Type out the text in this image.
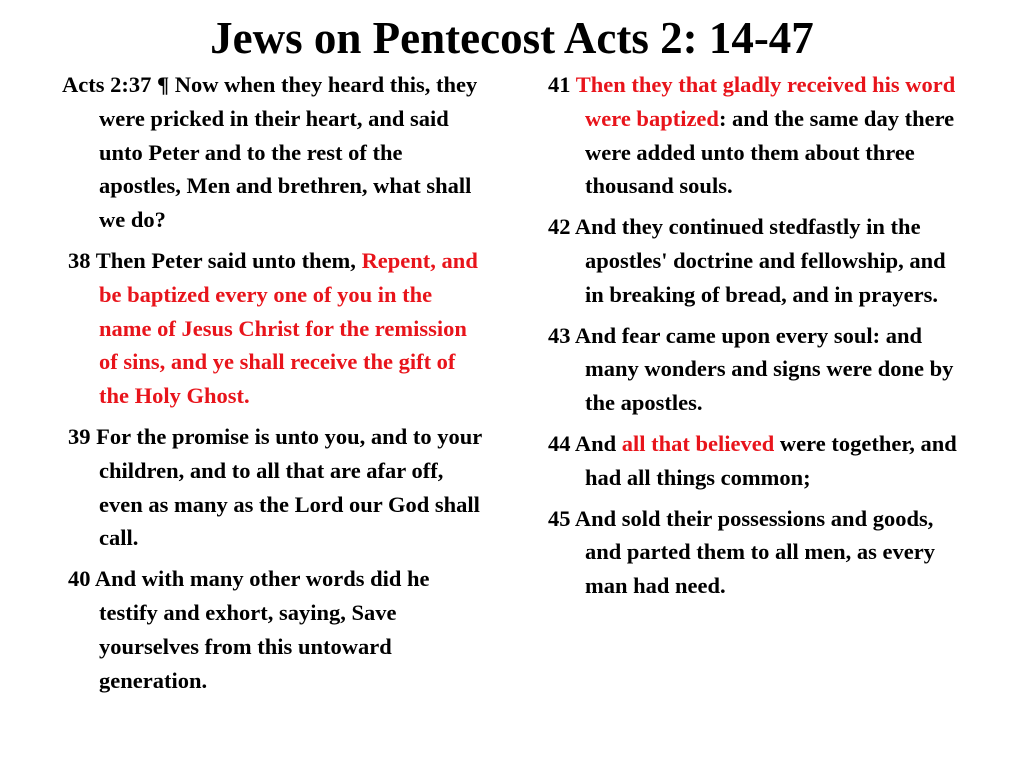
Jews on Pentecost Acts 2: 14-47

Acts 2:37 ¶ Now when they heard this, they were pricked in their heart, and said unto Peter and to the rest of the apostles, Men and brethren, what shall we do?

38 Then Peter said unto them, Repent, and be baptized every one of you in the name of Jesus Christ for the remission of sins, and ye shall receive the gift of the Holy Ghost.

39 For the promise is unto you, and to your children, and to all that are afar off, even as many as the Lord our God shall call.

40 And with many other words did he testify and exhort, saying, Save yourselves from this untoward generation.

41 Then they that gladly received his word were baptized: and the same day there were added unto them about three thousand souls.

42 And they continued stedfastly in the apostles' doctrine and fellowship, and in breaking of bread, and in prayers.

43 And fear came upon every soul: and many wonders and signs were done by the apostles.

44 And all that believed were together, and had all things common;

45 And sold their possessions and goods, and parted them to all men, as every man had need.
